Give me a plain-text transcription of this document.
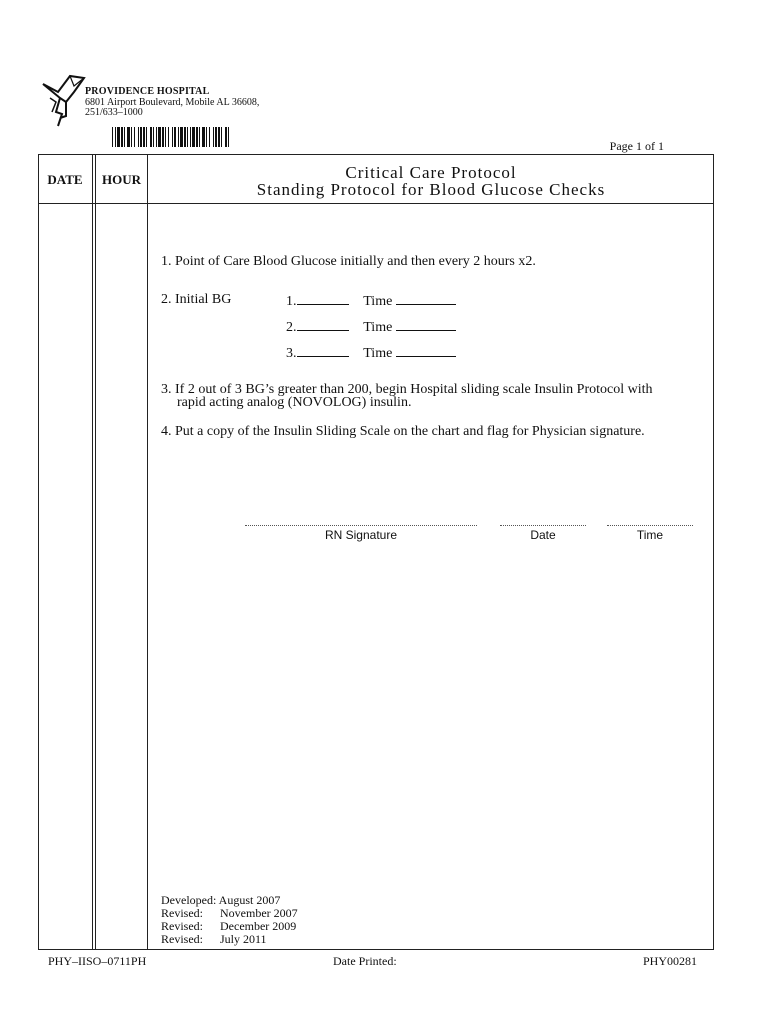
PROVIDENCE HOSPITAL
6801 Airport Boulevard, Mobile AL 36608,
251/633–1000
Page 1 of 1
DATE	HOUR	Critical Care Protocol
Standing Protocol for Blood Glucose Checks
1. Point of Care Blood Glucose initially and then every 2 hours x2.
2. Initial BG	1.	Time
2.	Time
3.	Time
3. If 2 out of 3 BG’s greater than 200, begin Hospital sliding scale Insulin Protocol with
rapid acting analog (NOVOLOG) insulin.
4. Put a copy of the Insulin Sliding Scale on the chart and flag for Physician signature.
RN Signature	Date	Time
Developed: August 2007
Revised: November 2007
Revised: December 2009
Revised: July 2011
PHY–IISO–0711PH	Date Printed:	PHY00281
